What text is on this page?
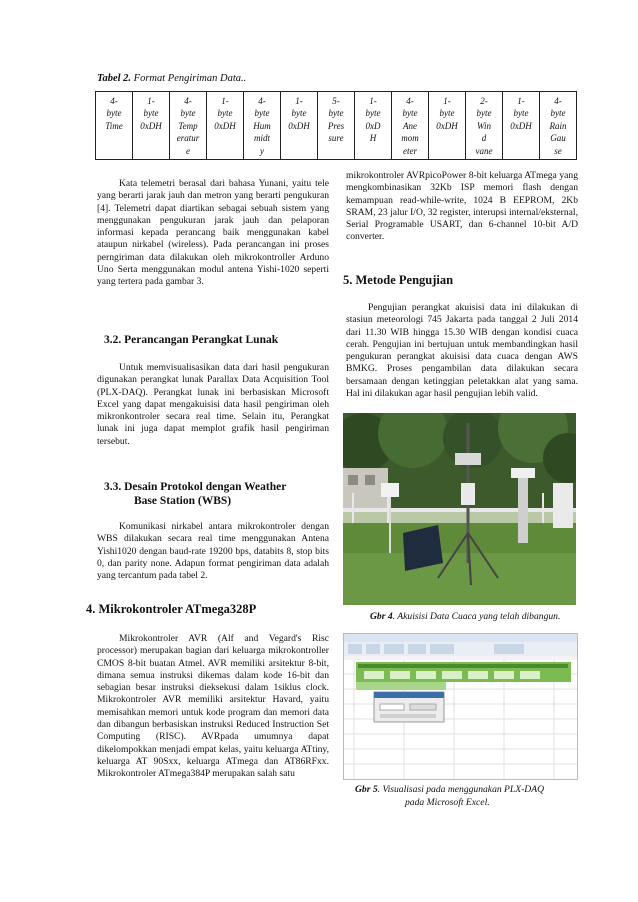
Tabel 2. Format Pengiriman Data..
4-
byte
Time	1-
byte
0xDH	4-
byte
Temp
eratur
e	1-
byte
0xDH	4-
byte
Hum
midt
y	1-
byte
0xDH	5-
byte
Pres
sure	1-
byte
0xD
H	4-
byte
Ane
mom
eter	1-
byte
0xDH	2-
byte
Win
d
vane	1-
byte
0xDH	4-
byte
Rain
Gau
se

Kata telemetri berasal dari bahasa Yunani, yaitu tele yang berarti jarak jauh dan metron yang berarti pengukuran [4]. Telemetri dapat diartikan sebagai sebuah sistem yang menggunakan pengukuran jarak jauh dan pelaporan informasi kepada perancang baik menggunakan kabel ataupun nirkabel (wireless). Pada perancangan ini proses perngiriman data dilakukan oleh mikrokontroller Arduno Uno Serta menggunakan modul antena Yishi-1020 seperti yang tertera pada gambar 3.

3.2. Perancangan Perangkat Lunak

Untuk memvisualisasikan data dari hasil pengukuran digunakan perangkat lunak Parallax Data Acquisition Tool (PLX-DAQ). Perangkat lunak ini berbasiskan Microsoft Excel yang dapat mengakuisisi data hasil pengiriman oleh mikronkontroler secara real time. Selain itu, Perangkat lunak ini juga dapat memplot grafik hasil pengiriman tersebut.

3.3. Desain Protokol dengan Weather
Base Station (WBS)

Komunikasi nirkabel antara mikrokontroler dengan WBS dilakukan secara real time menggunakan Antena Yishi1020 dengan baud-rate 19200 bps, databits 8, stop bits 0, dan parity none. Adapun format pengiriman data adalah yang tercantum pada tabel 2.

4. Mikrokontroler ATmega328P

Mikrokontroler AVR (Alf and Vegard's Risc processor) merupakan bagian dari keluarga mikrokontroller CMOS 8-bit buatan Atmel. AVR memiliki arsitektur 8-bit, dimana semua instruksi dikemas dalam kode 16-bit dan sebagian besar instruksi dieksekusi dalam 1siklus clock. Mikrokontroler AVR memiliki arsitektur Havard, yaitu memisahkan memori untuk kode program dan memori data dan dibangun berbasiskan instruksi Reduced Instruction Set Computing (RISC). AVRpada umumnya dapat dikelompokkan menjadi empat kelas, yaitu keluarga ATtiny, keluarga AT 90Sxx, keluarga ATmega dan AT86RFxx. Mikrokontroler ATmega384P merupakan salah satu

mikrokontroler AVRpicoPower 8-bit keluarga ATmega yang mengkombinasikan 32Kb ISP memori flash dengan kemampuan read-while-write, 1024 B EEPROM, 2Kb SRAM, 23 jalur I/O, 32 register, interupsi internal/eksternal, Serial Programable USART, dan 6-channel 10-bit A/D converter.

5. Metode Pengujian

Pengujian perangkat akuisisi data ini dilakukan di stasiun meteorologi 745 Jakarta pada tanggal 2 Juli 2014 dari 11.30 WIB hingga 15.30 WIB dengan kondisi cuaca cerah. Pengujian ini bertujuan untuk membandingkan hasil pengukuran perangkat akuisisi data cuaca dengan AWS BMKG. Proses pengambilan data dilakukan secara bersamaan dengan ketinggian peletakkan alat yang sama. Hal ini dilakukan agar hasil pengujian lebih valid.

Gbr 4. Akuisisi Data Cuaca yang telah dibangun.
Gbr 5. Visualisasi pada menggunakan PLX-DAQ
pada Microsoft Excel.
